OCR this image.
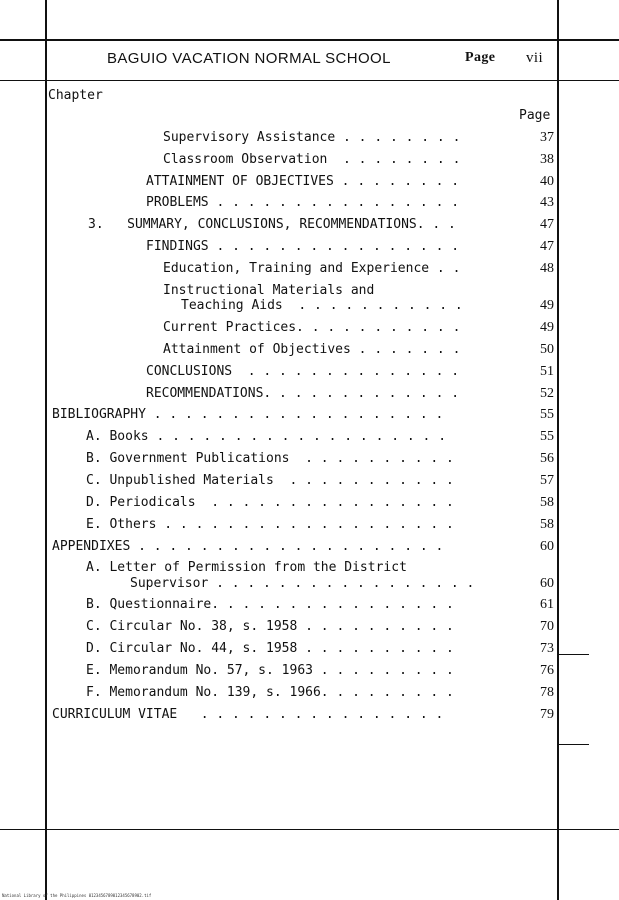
BAGUIO VACATION NORMAL SCHOOL	Page vii
Chapter
Page
Supervisory Assistance . . . . . . . .	37
Classroom Observation  . . . . . . . .	38
ATTAINMENT OF OBJECTIVES . . . . . . . .	40
PROBLEMS . . . . . . . . . . . . . . . .	43
3.   SUMMARY, CONCLUSIONS, RECOMMENDATIONS. . .	47
FINDINGS . . . . . . . . . . . . . . . .	47
Education, Training and Experience . .	48
Instructional Materials and
Teaching Aids  . . . . . . . . . . .	49
Current Practices. . . . . . . . . . .	49
Attainment of Objectives . . . . . . .	50
CONCLUSIONS  . . . . . . . . . . . . . .	51
RECOMMENDATIONS. . . . . . . . . . . . .	52
BIBLIOGRAPHY . . . . . . . . . . . . . . . . . . .	55
A. Books . . . . . . . . . . . . . . . . . . .	55
B. Government Publications  . . . . . . . . . .	56
C. Unpublished Materials  . . . . . . . . . . .	57
D. Periodicals  . . . . . . . . . . . . . . . .	58
E. Others . . . . . . . . . . . . . . . . . . .	58
APPENDIXES . . . . . . . . . . . . . . . . . . . .	60
A. Letter of Permission from the District
Supervisor . . . . . . . . . . . . . . . . .	60
B. Questionnaire. . . . . . . . . . . . . . . .	61
C. Circular No. 38, s. 1958 . . . . . . . . . .	70
D. Circular No. 44, s. 1958 . . . . . . . . . .	73
E. Memorandum No. 57, s. 1963 . . . . . . . . .	76
F. Memorandum No. 139, s. 1966. . . . . . . . .	78
CURRICULUM VITAE   . . . . . . . . . . . . . . . .	79
National Library of the Philippines 0123456789012345678902.tif
